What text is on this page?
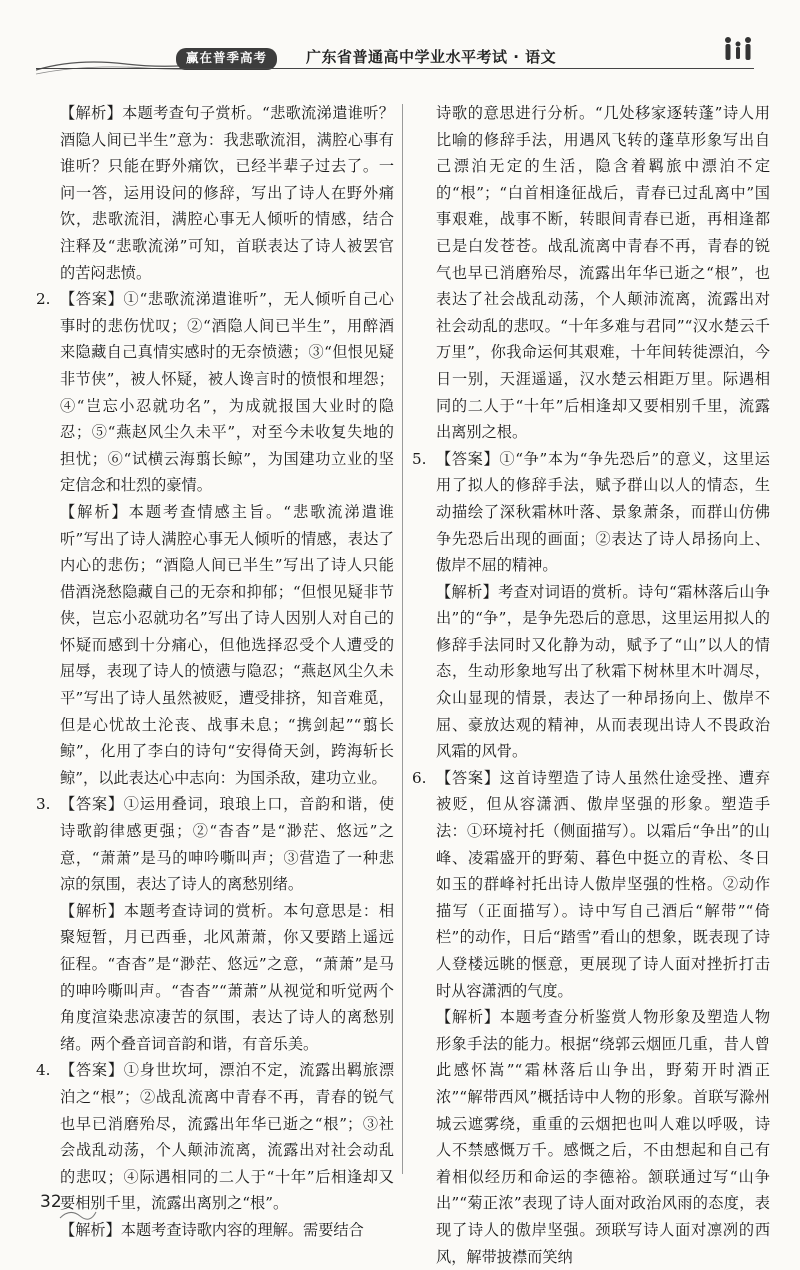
赢在普季高考	广东省普通高中学业水平考试 · 语文
【解析】本题考查句子赏析。“悲歌流涕遣谁听？酒隐人间已半生”意为：我悲歌流泪，满腔心事有谁听？只能在野外痛饮，已经半辈子过去了。一问一答，运用设问的修辞，写出了诗人在野外痛饮，悲歌流泪，满腔心事无人倾听的情感，结合注释及“悲歌流涕”可知，首联表达了诗人被罢官的苦闷悲愤。
2. 【答案】①“悲歌流涕遣谁听”，无人倾听自己心事时的悲伤忧叹；②“酒隐人间已半生”，用醉酒来隐藏自己真情实感时的无奈愤懑；③“但恨见疑非节侠”，被人怀疑，被人谗言时的愤恨和埋怨；④“岂忘小忍就功名”，为成就报国大业时的隐忍；⑤“燕赵风尘久未平”，对至今未收复失地的担忧；⑥“试横云海翦长鲸”，为国建功立业的坚定信念和壮烈的豪情。
【解析】本题考查情感主旨。“悲歌流涕遣谁听”写出了诗人满腔心事无人倾听的情感，表达了内心的悲伤；“酒隐人间已半生”写出了诗人只能借酒浇愁隐藏自己的无奈和抑郁；“但恨见疑非节侠，岂忘小忍就功名”写出了诗人因别人对自己的怀疑而感到十分痛心，但他选择忍受个人遭受的屈辱，表现了诗人的愤懑与隐忍；“燕赵风尘久未平”写出了诗人虽然被贬，遭受排挤，知音难觅，但是心忧故土沦丧、战事未息；“携剑起”“翦长鲸”，化用了李白的诗句“安得倚天剑，跨海斩长鲸”，以此表达心中志向：为国杀敌，建功立业。
3. 【答案】①运用叠词，琅琅上口，音韵和谐，使诗歌韵律感更强；②“杳杳”是“渺茫、悠远”之意，“萧萧”是马的呻吟嘶叫声；③营造了一种悲凉的氛围，表达了诗人的离愁别绪。
【解析】本题考查诗词的赏析。本句意思是：相聚短暂，月已西垂，北风萧萧，你又要踏上遥远征程。“杳杳”是“渺茫、悠远”之意，“萧萧”是马的呻吟嘶叫声。“杳杳”“萧萧”从视觉和听觉两个角度渲染悲凉凄苦的氛围，表达了诗人的离愁别绪。两个叠音词音韵和谐，有音乐美。
4. 【答案】①身世坎坷，漂泊不定，流露出羁旅漂泊之“根”；②战乱流离中青春不再，青春的锐气也早已消磨殆尽，流露出年华已逝之“根”；③社会战乱动荡，个人颠沛流离，流露出对社会动乱的悲叹；④际遇相同的二人于“十年”后相逢却又要相别千里，流露出离别之“根”。
【解析】本题考查诗歌内容的理解。需要结合
诗歌的意思进行分析。“几处移家逐转蓬”诗人用比喻的修辞手法，用遇风飞转的蓬草形象写出自己漂泊无定的生活，隐含着羁旅中漂泊不定的“根”；“白首相逢征战后，青春已过乱离中”国事艰难，战事不断，转眼间青春已逝，再相逢都已是白发苍苍。战乱流离中青春不再，青春的锐气也早已消磨殆尽，流露出年华已逝之“根”，也表达了社会战乱动荡，个人颠沛流离，流露出对社会动乱的悲叹。“十年多难与君同”“汉水楚云千万里”，你我命运何其艰难，十年间转徙漂泊，今日一别，天涯遥遥，汉水楚云相距万里。际遇相同的二人于“十年”后相逢却又要相别千里，流露出离别之根。
5. 【答案】①“争”本为“争先恐后”的意义，这里运用了拟人的修辞手法，赋予群山以人的情态，生动描绘了深秋霜林叶落、景象萧条，而群山仿佛争先恐后出现的画面；②表达了诗人昂扬向上、傲岸不屈的精神。
【解析】考查对词语的赏析。诗句“霜林落后山争出”的“争”，是争先恐后的意思，这里运用拟人的修辞手法同时又化静为动，赋予了“山”以人的情态，生动形象地写出了秋霜下树林里木叶凋尽，众山显现的情景，表达了一种昂扬向上、傲岸不屈、豪放达观的精神，从而表现出诗人不畏政治风霜的风骨。
6. 【答案】这首诗塑造了诗人虽然仕途受挫、遭弃被贬，但从容潇洒、傲岸坚强的形象。塑造手法：①环境衬托（侧面描写）。以霜后“争出”的山峰、凌霜盛开的野菊、暮色中挺立的青松、冬日如玉的群峰衬托出诗人傲岸坚强的性格。②动作描写（正面描写）。诗中写自己酒后“解带”“倚栏”的动作，日后“踏雪”看山的想象，既表现了诗人登楼远眺的惬意，更展现了诗人面对挫折打击时从容潇洒的气度。
【解析】本题考查分析鉴赏人物形象及塑造人物形象手法的能力。根据“绕郭云烟匝几重，昔人曾此感怀嵩”“霜林落后山争出，野菊开时酒正浓”“解带西风”概括诗中人物的形象。首联写滁州城云遮雾绕，重重的云烟把也叫人难以呼吸，诗人不禁感慨万千。感慨之后，不由想起和自己有着相似经历和命运的李德裕。颔联通过写“山争出”“菊正浓”表现了诗人面对政治风雨的态度，表现了诗人的傲岸坚强。颈联写诗人面对凛冽的西风，解带披襟而笑纳
32
